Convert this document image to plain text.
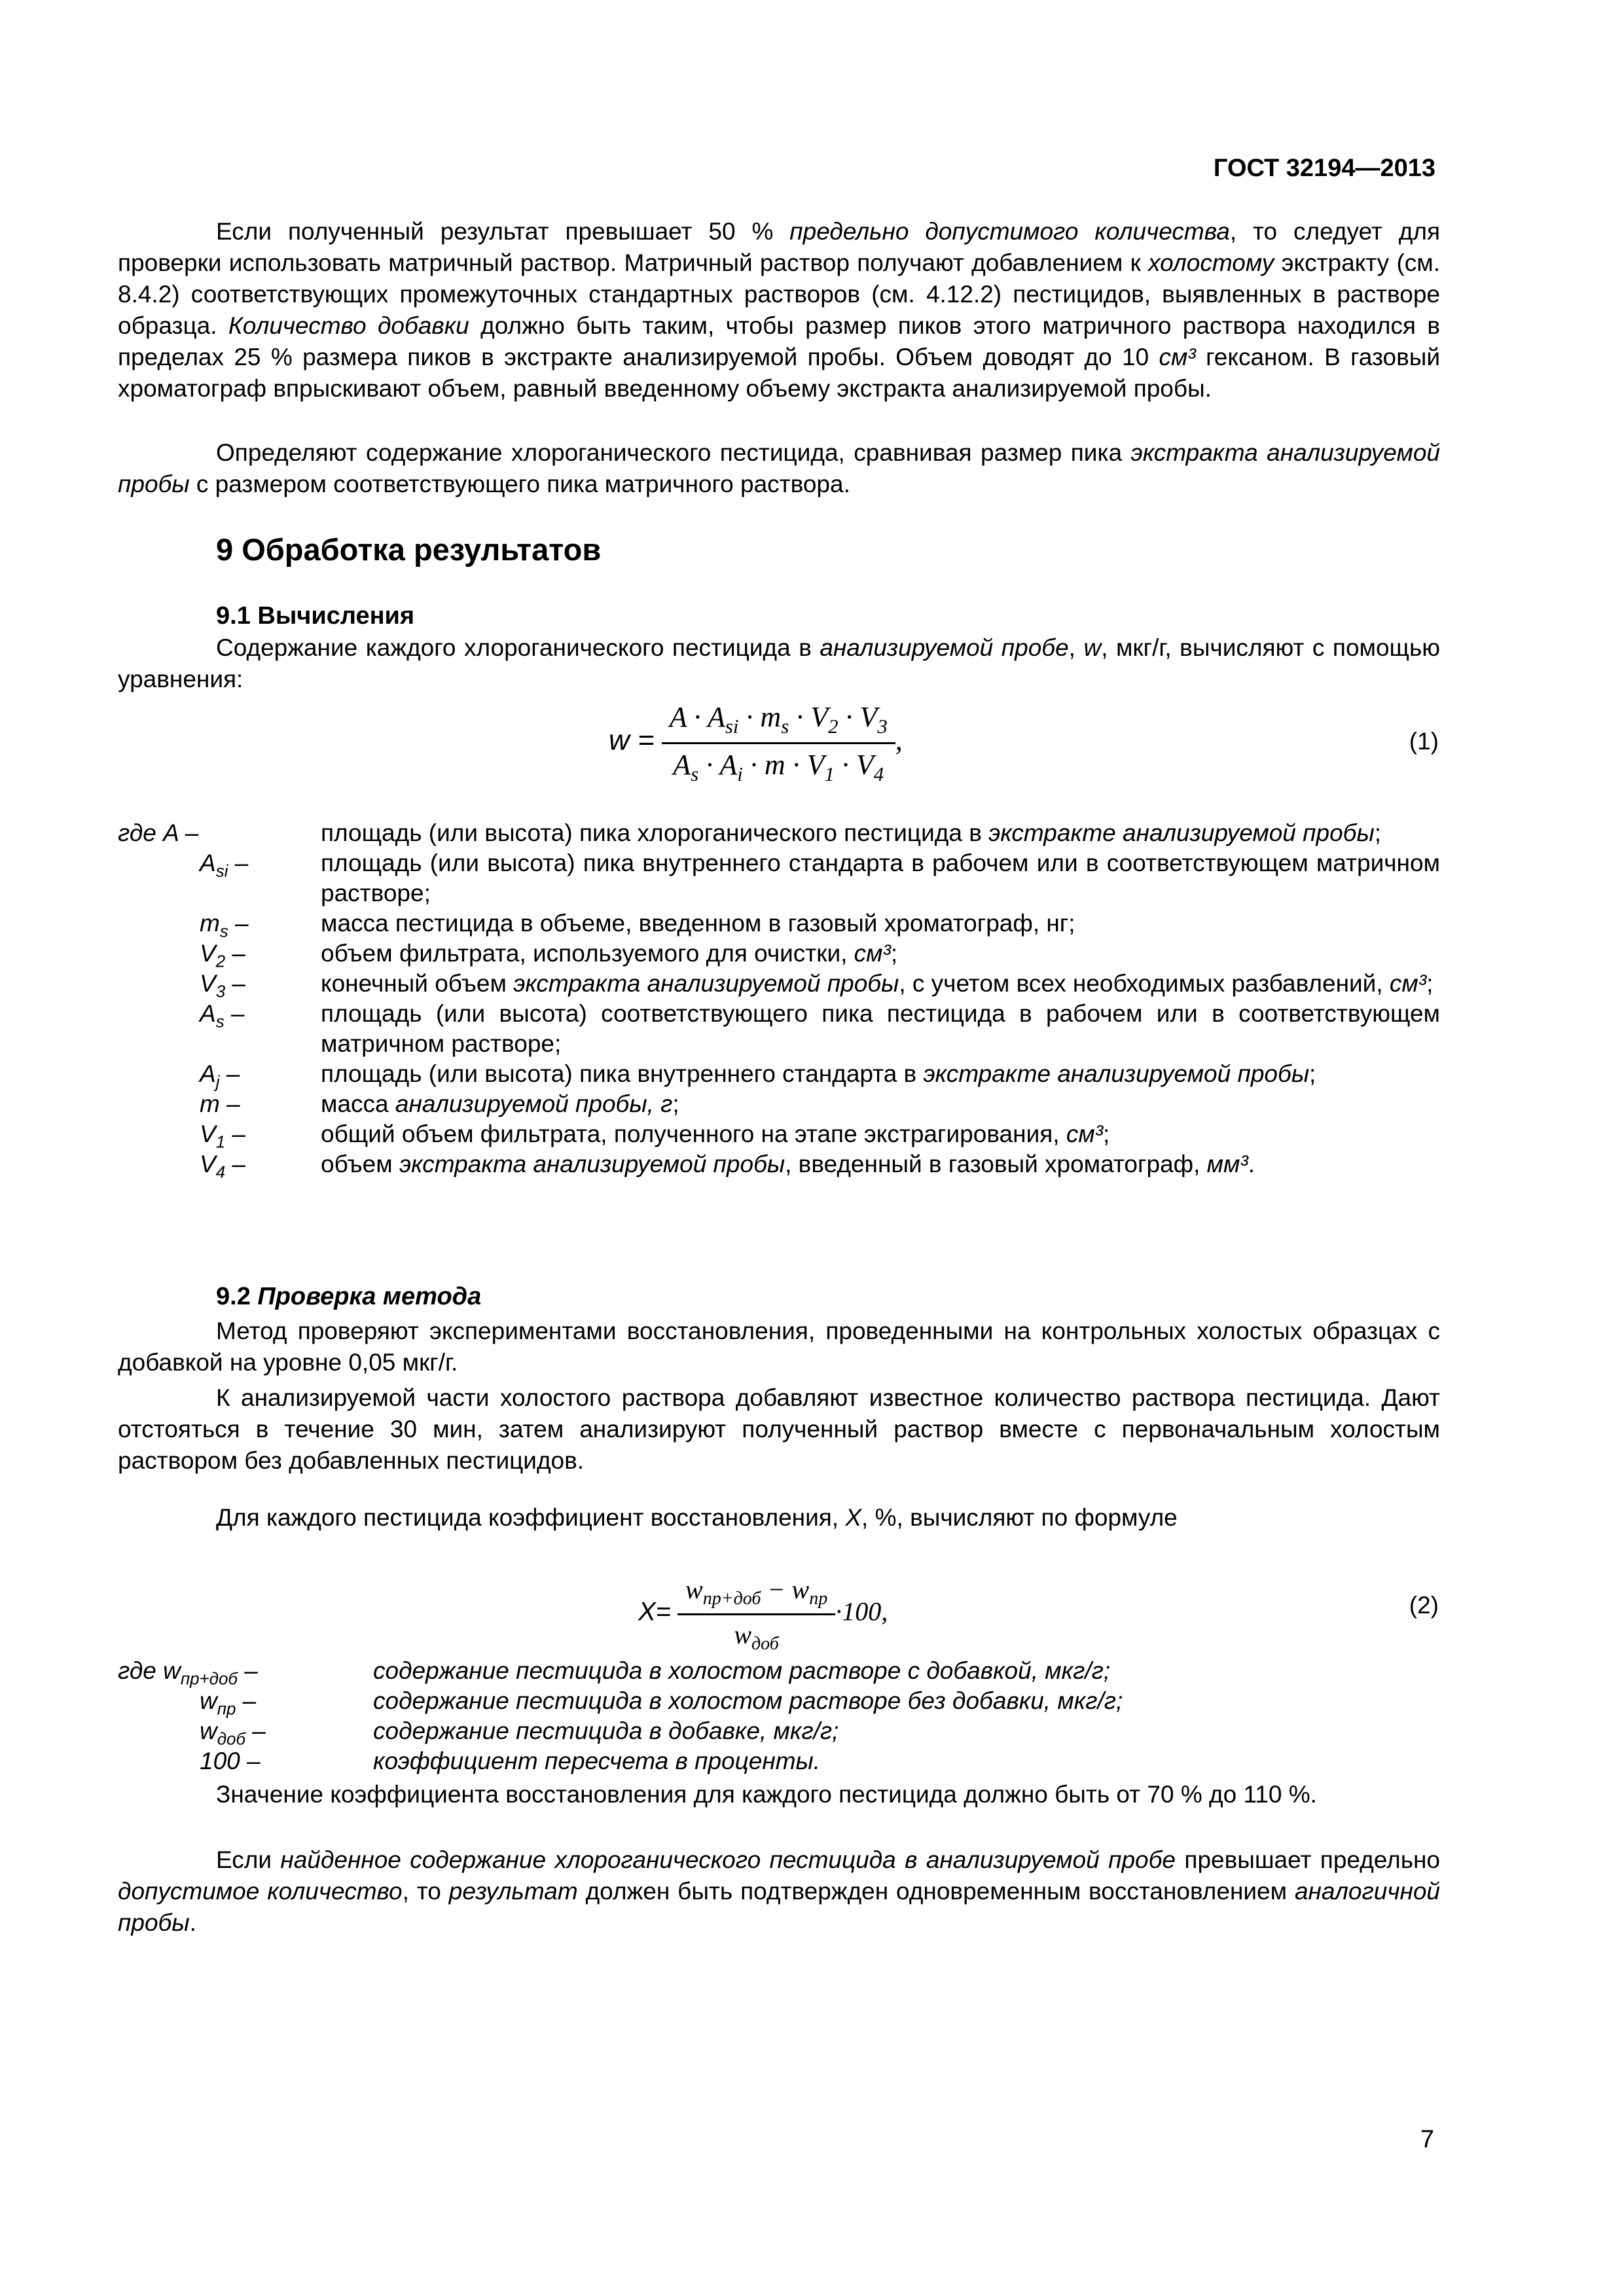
ГОСТ 32194—2013

Если полученный результат превышает 50 % предельно допустимого количества, то следует для проверки использовать матричный раствор. Матричный раствор получают добавлением к холостому экстракту (см. 8.4.2) соответствующих промежуточных стандартных растворов (см. 4.12.2) пестицидов, выявленных в растворе образца. Количество добавки должно быть таким, чтобы размер пиков этого матричного раствора находился в пределах 25 % размера пиков в экстракте анализируемой пробы. Объем доводят до 10 см³ гексаном. В газовый хроматограф впрыскивают объем, равный введенному объему экстракта анализируемой пробы.

Определяют содержание хлороганического пестицида, сравнивая размер пика экстракта анализируемой пробы с размером соответствующего пика матричного раствора.

9 Обработка результатов
9.1 Вычисления

Содержание каждого хлороганического пестицида в анализируемой пробе, w, мкг/г, вычисляют с помощью уравнения:

$w = \frac{A \cdot A_{si} \cdot m_s \cdot V_2 \cdot V_3}{A_s \cdot A_i \cdot m \cdot V_1 \cdot V_4}$ ,	(1)
где A –	площадь (или высота) пика хлороганического пестицида в экстракте анализируемой пробы;
$A_{si}$ –	площадь (или высота) пика внутреннего стандарта в рабочем или в соответствующем матричном растворе;
$m_s$ –	масса пестицида в объеме, введенном в газовый хроматограф, нг;
$V_2$ –	объем фильтрата, используемого для очистки, см³;
$V_3$ –	конечный объем экстракта анализируемой пробы, с учетом всех необходимых разбавлений, см³;
$A_s$ –	площадь (или высота) соответствующего пика пестицида в рабочем или в соответствующем матричном растворе;
$A_j$ –	площадь (или высота) пика внутреннего стандарта в экстракте анализируемой пробы;
m –	масса анализируемой пробы, г;
$V_1$ –	общий объем фильтрата, полученного на этапе экстрагирования, см³;
$V_4$ –	объем экстракта анализируемой пробы, введенный в газовый хроматограф, мм³.
9.2 Проверка метода

Метод проверяют экспериментами восстановления, проведенными на контрольных холостых образцах с добавкой на уровне 0,05 мкг/г.

К анализируемой части холостого раствора добавляют известное количество раствора пестицида. Дают отстояться в течение 30 мин, затем анализируют полученный раствор вместе с первоначальным холостым раствором без добавленных пестицидов.

Для каждого пестицида коэффициент восстановления, X, %, вычисляют по формуле

$X= \frac{w_{пр+доб} - w_{пр}}{w_{доб}} \cdot 100$,	(2)
где $w_{пр+доб}$ –	содержание пестицида в холостом растворе с добавкой, мкг/г;
$w_{пр}$ –	содержание пестицида в холостом растворе без добавки, мкг/г;
$w_{доб}$ –	содержание пестицида в добавке, мкг/г;
100 –	коэффициент пересчета в проценты.

Значение коэффициента восстановления для каждого пестицида должно быть от 70 % до 110 %.

Если найденное содержание хлороганического пестицида в анализируемой пробе превышает предельно допустимое количество, то результат должен быть подтвержден одновременным восстановлением аналогичной пробы.

7
